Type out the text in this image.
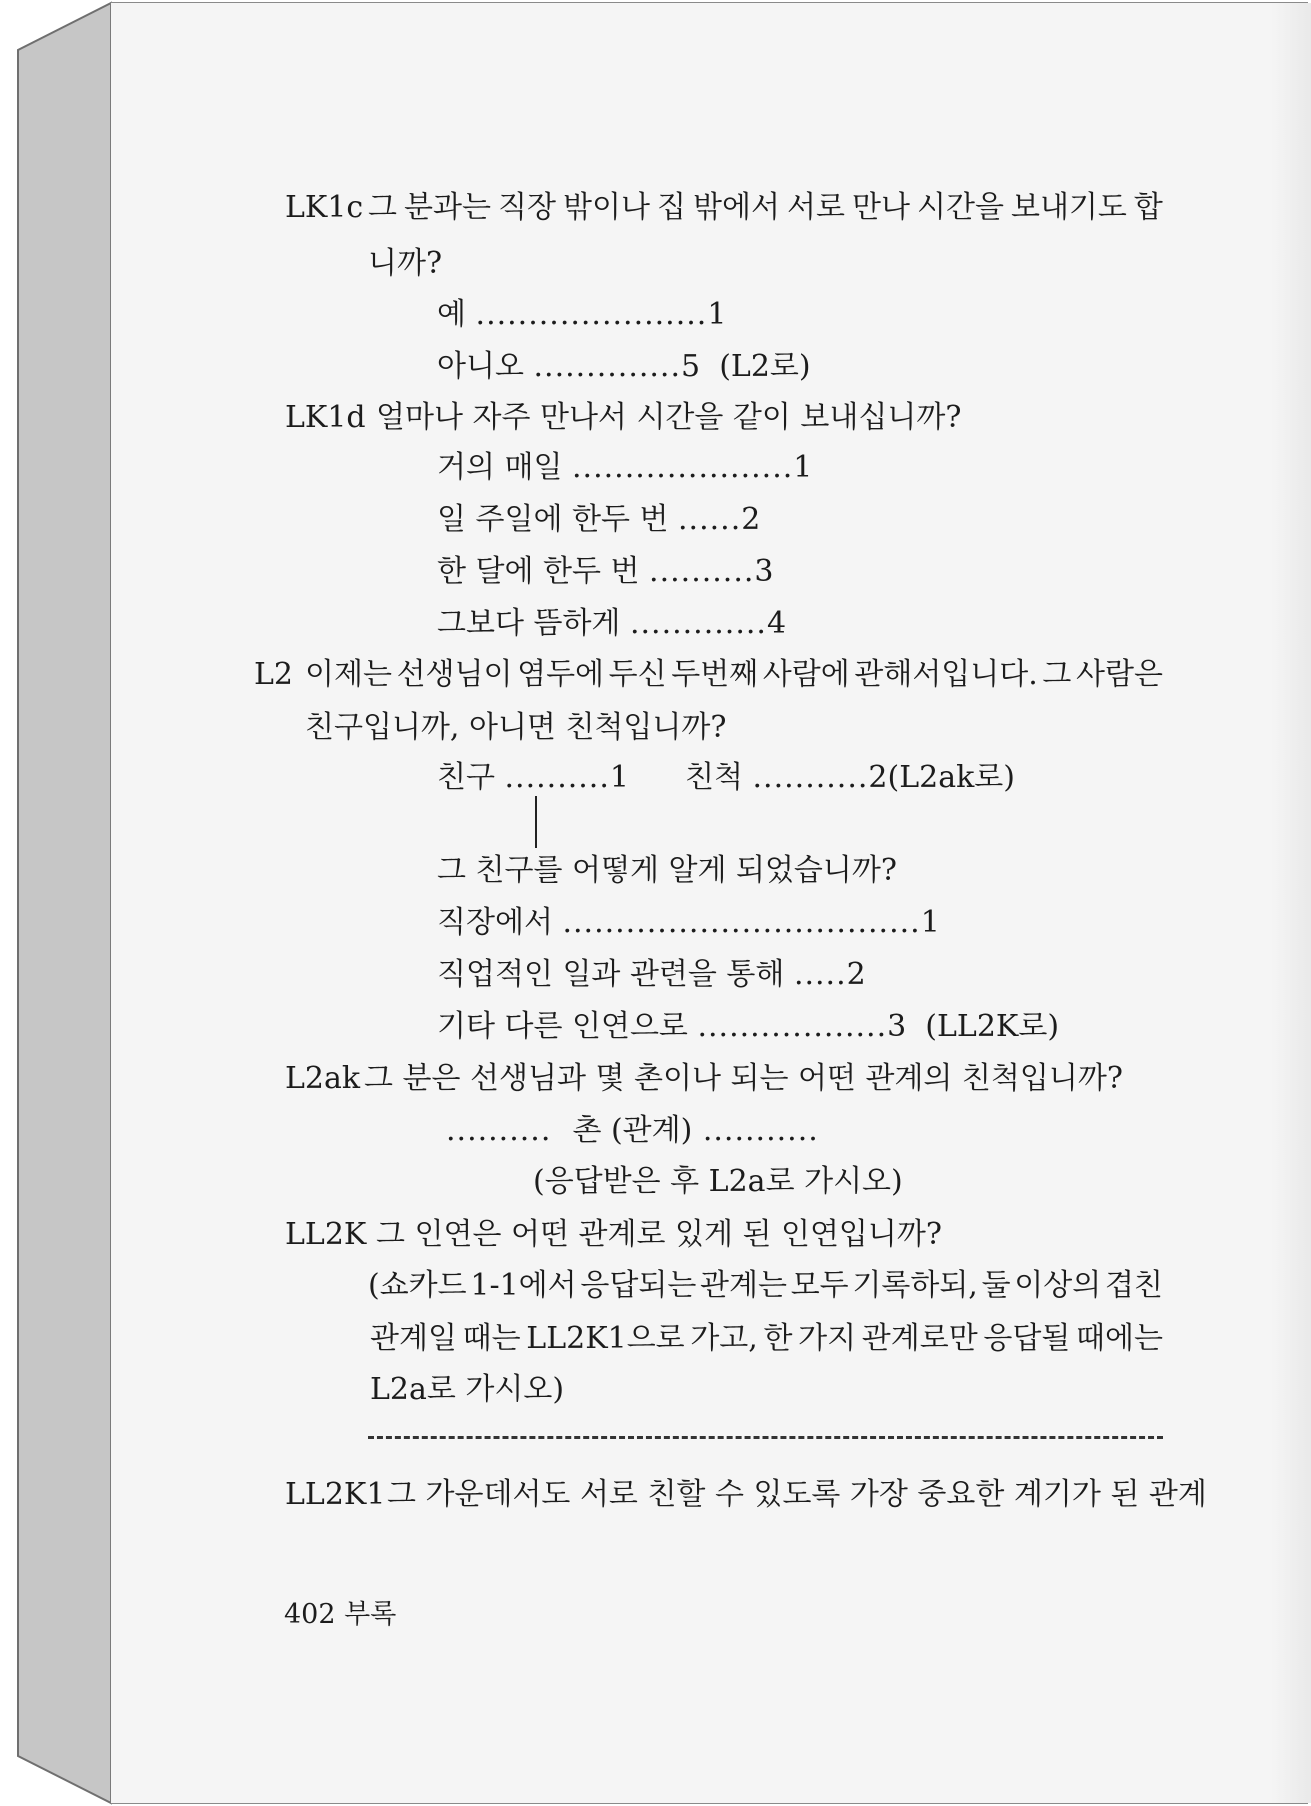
LK1c 그 분과는 직장 밖이나 집 밖에서 서로 만나 시간을 보내기도 합
니까?
예 ......................1
아니오 ..............5 (L2로)
LK1d 얼마나 자주 만나서 시간을 같이 보내십니까?
거의 매일 .....................1
일 주일에 한두 번 ......2
한 달에 한두 번 ..........3
그보다 뜸하게 .............4
L2 이제는 선생님이 염두에 두신 두번째 사람에 관해서입니다. 그 사람은
친구입니까, 아니면 친척입니까?
친구 ..........1 친척 ...........2(L2ak로)
그 친구를 어떻게 알게 되었습니까?
직장에서 ..................................1
직업적인 일과 관련을 통해 .....2
기타 다른 인연으로 ..................3 (LL2K로)
L2ak 그 분은 선생님과 몇 촌이나 되는 어떤 관계의 친척입니까?
..........  촌 (관계) ...........
(응답받은 후 L2a로 가시오)
LL2K 그 인연은 어떤 관계로 있게 된 인연입니까?
(쇼카드 1-1에서 응답되는 관계는 모두 기록하되, 둘 이상의 겹친
관계일 때는 LL2K1으로 가고, 한 가지 관계로만 응답될 때에는
L2a로 가시오)
LL2K1 그 가운데서도 서로 친할 수 있도록 가장 중요한 계기가 된 관계
402 부록
